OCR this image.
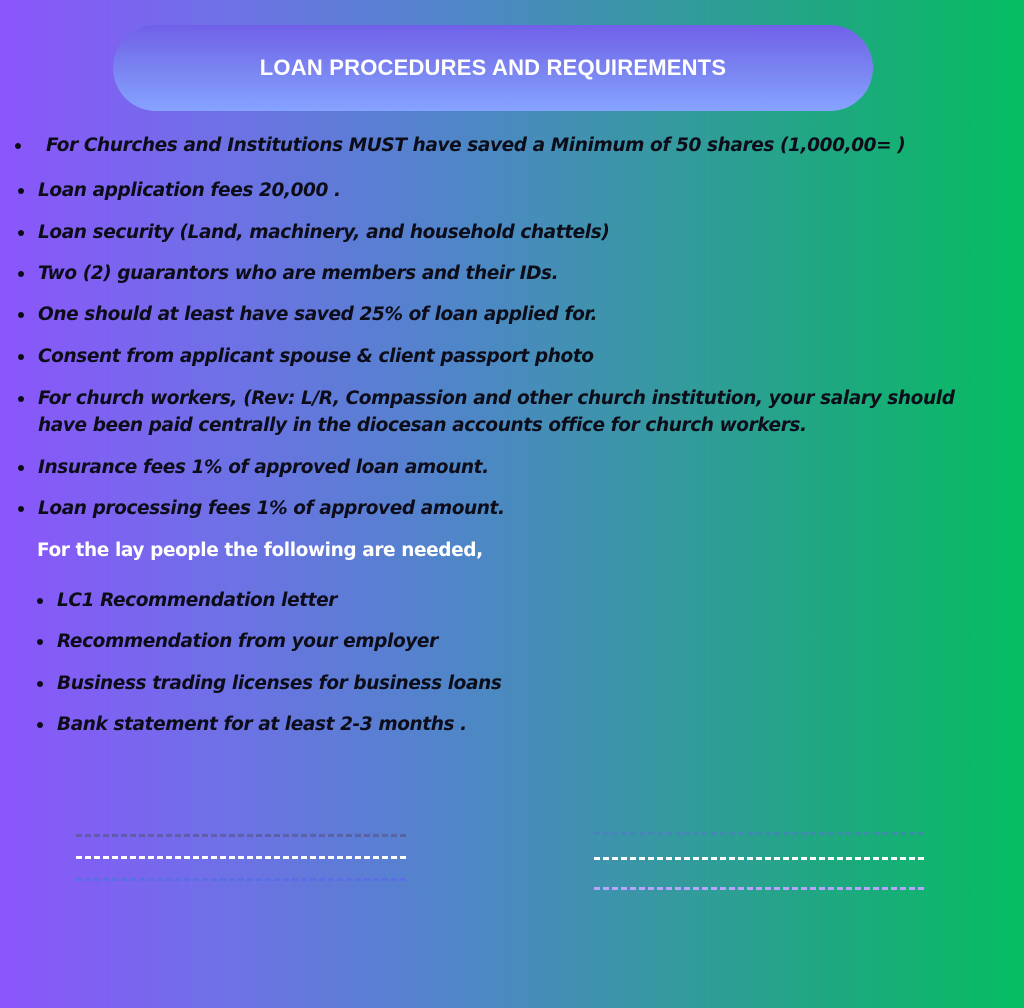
LOAN PROCEDURES AND REQUIREMENTS
For Churches and Institutions MUST have saved a Minimum of 50 shares (1,000,00= )
Loan application fees 20,000 .
Loan security (Land, machinery, and household chattels)
Two (2) guarantors who are members and their IDs.
One should at least have saved 25% of loan applied for.
Consent from applicant spouse & client passport photo
For church workers, (Rev: L/R, Compassion and other church institution, your salary should
have been paid centrally in the diocesan accounts office for church workers.
Insurance fees 1% of approved loan amount.
Loan processing fees 1% of approved amount.
For the lay people the following are needed,
LC1 Recommendation letter
Recommendation from your employer
Business trading licenses for business loans
Bank statement for at least 2-3 months .
